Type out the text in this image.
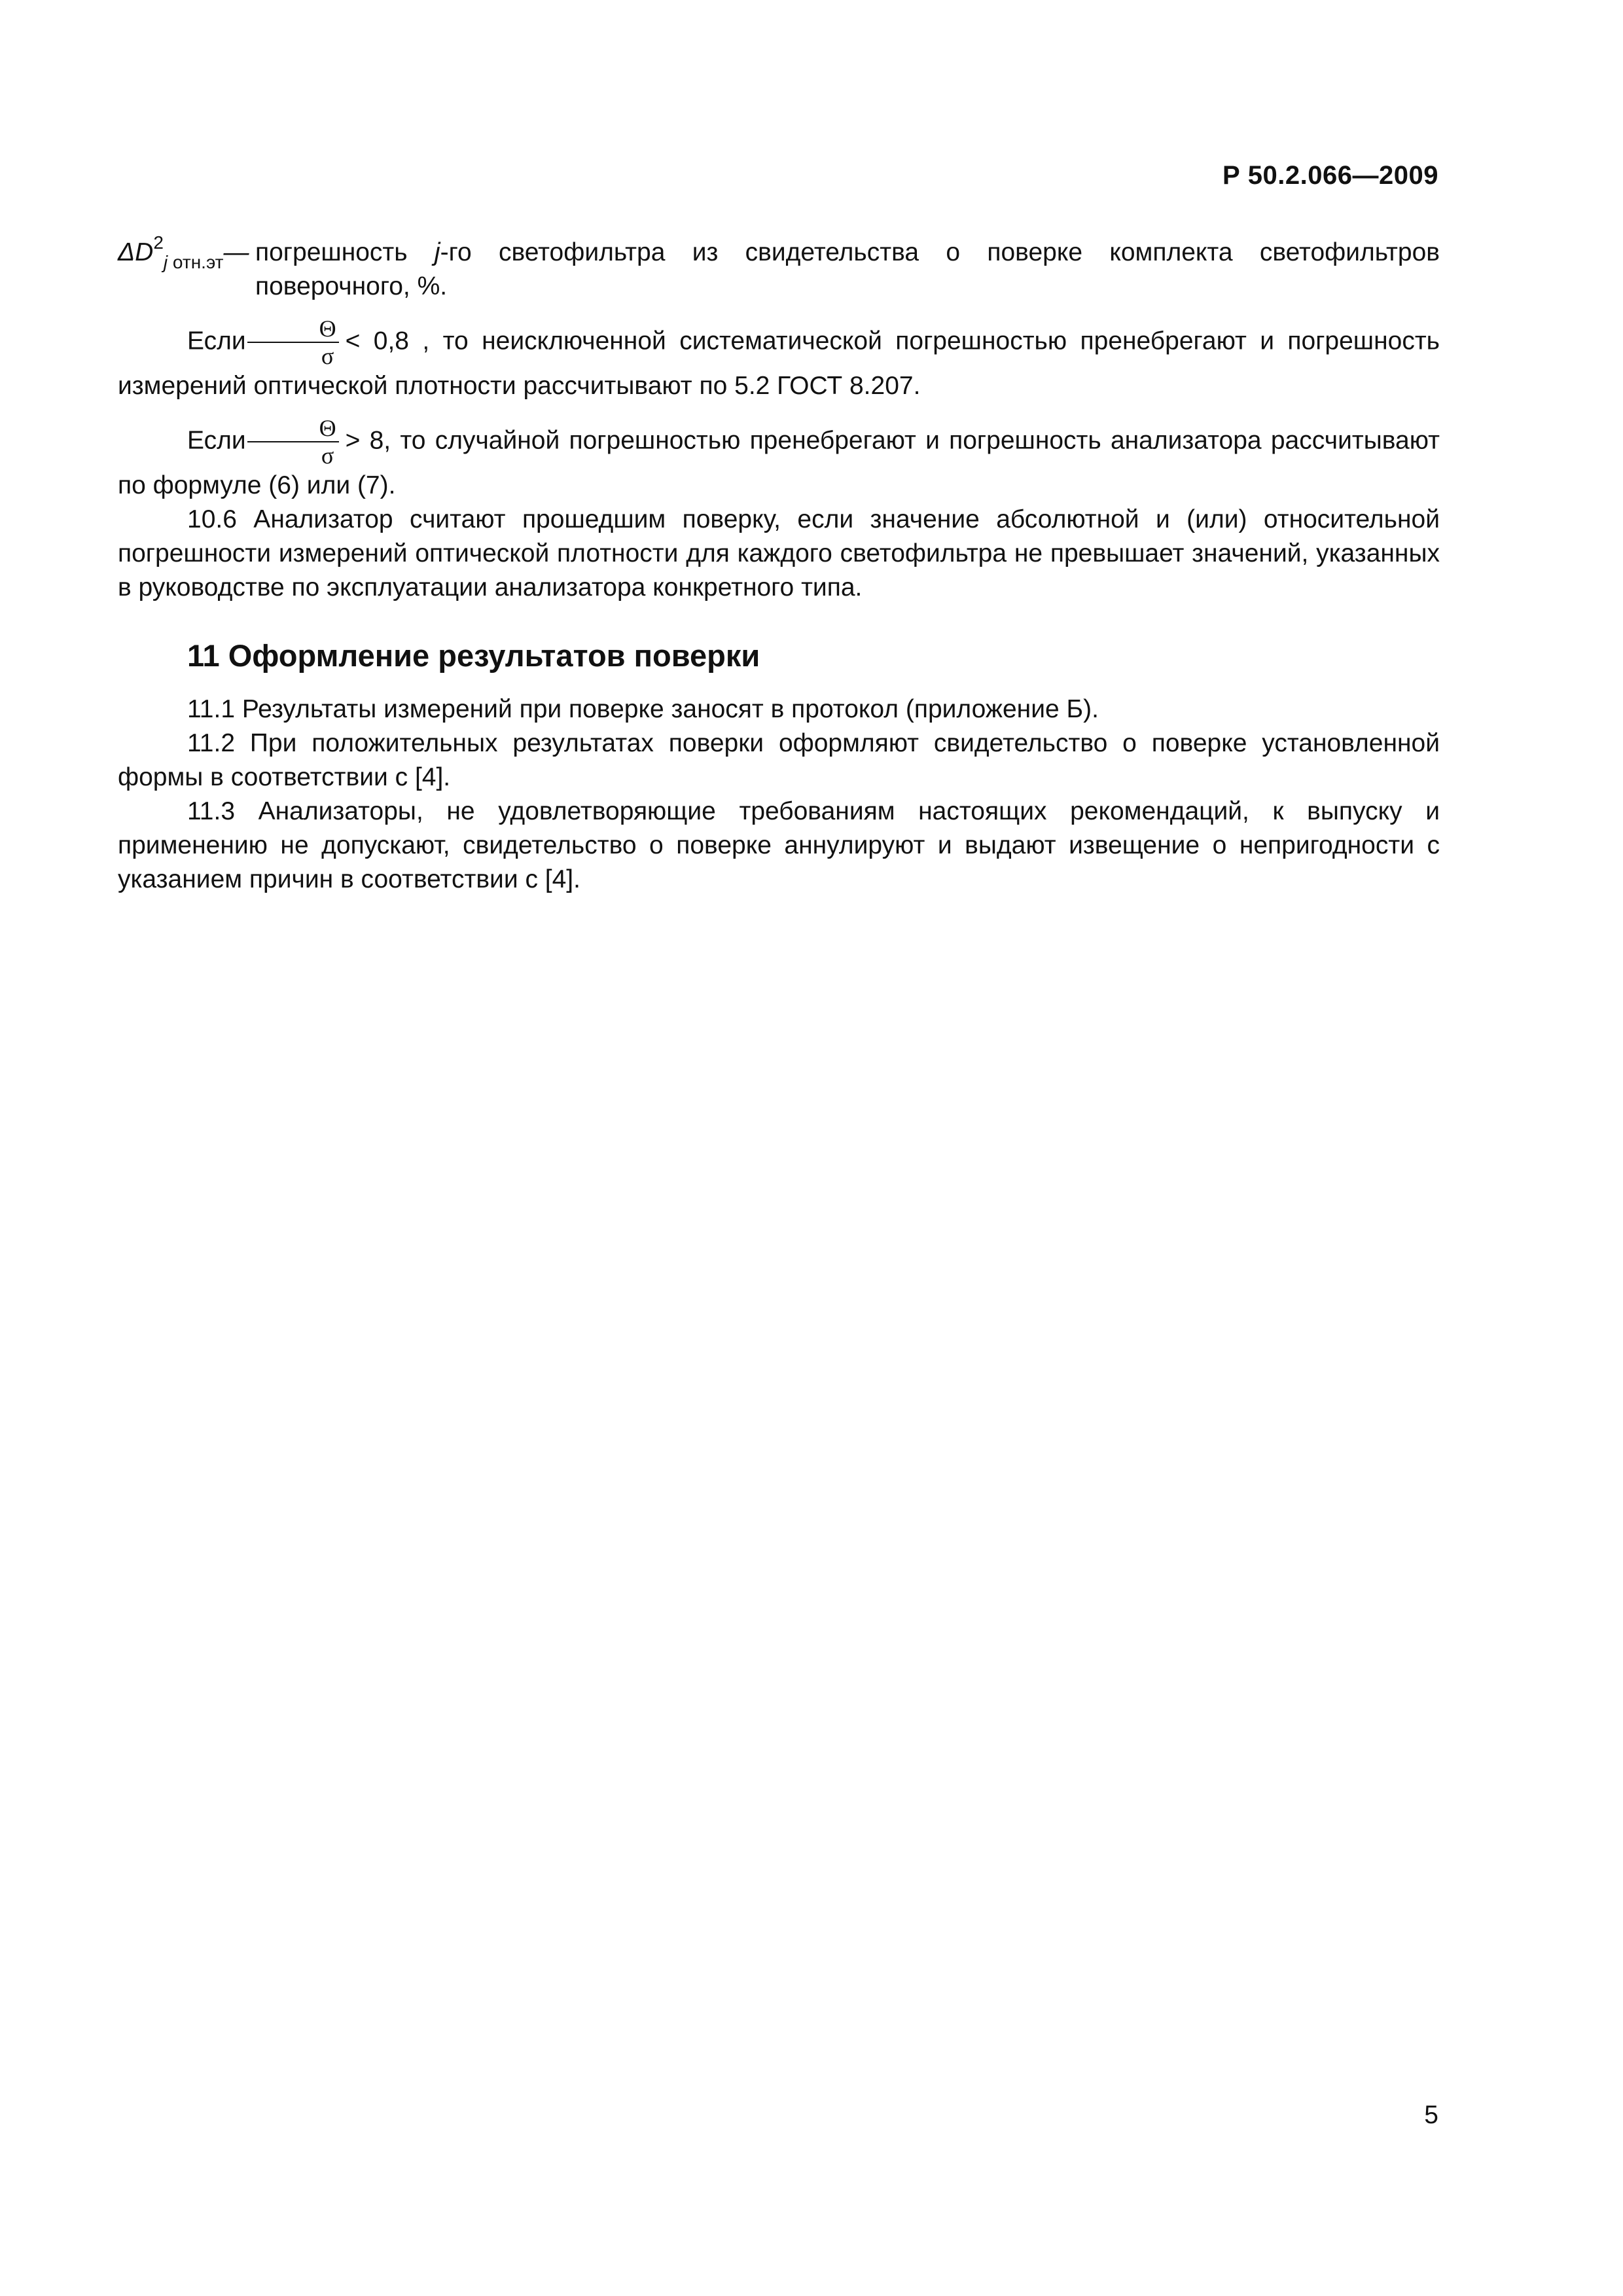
Р 50.2.066—2009
$\Delta D^2_{j отн.эт}—$ погрешность j-го светофильтра из свидетельства о поверке комплекта светофильтров поверочного, %.
Если $\frac{\Theta}{\sigma} < 0,8$ , то неисключенной систематической погрешностью пренебрегают и погрешность измерений оптической плотности рассчитывают по 5.2 ГОСТ 8.207.
Если $\frac{\Theta}{\sigma} > 8$, то случайной погрешностью пренебрегают и погрешность анализатора рассчитывают по формуле (6) или (7).
10.6 Анализатор считают прошедшим поверку, если значение абсолютной и (или) относительной погрешности измерений оптической плотности для каждого светофильтра не превышает значений, указанных в руководстве по эксплуатации анализатора конкретного типа.
11 Оформление результатов поверки
11.1 Результаты измерений при поверке заносят в протокол (приложение Б).
11.2 При положительных результатах поверки оформляют свидетельство о поверке установленной формы в соответствии с [4].
11.3 Анализаторы, не удовлетворяющие требованиям настоящих рекомендаций, к выпуску и применению не допускают, свидетельство о поверке аннулируют и выдают извещение о непригодности с указанием причин в соответствии с [4].
5
